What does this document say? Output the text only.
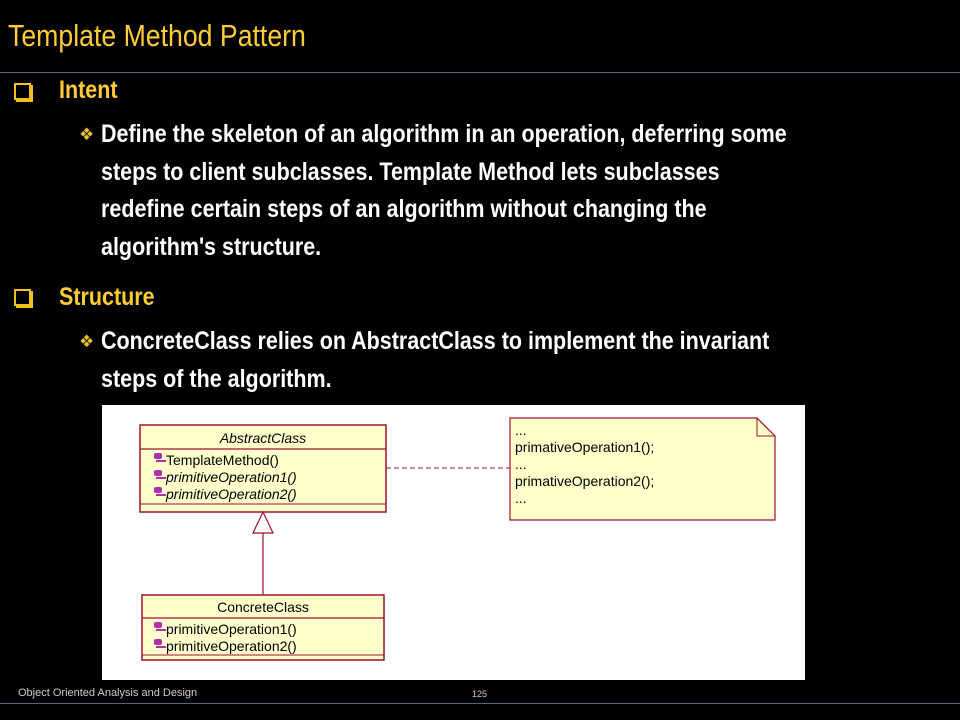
Template Method Pattern
Intent
❖ Define the skeleton of an algorithm in an operation, deferring some
steps to client subclasses. Template Method lets subclasses
redefine certain steps of an algorithm without changing the
algorithm's structure.
Structure
❖ ConcreteClass relies on AbstractClass to implement the invariant
steps of the algorithm.
AbstractClass
TemplateMethod()
primitiveOperation1()
primitiveOperation2()
...
primativeOperation1();
...
primativeOperation2();
...
ConcreteClass
primitiveOperation1()
primitiveOperation2()
Object Oriented Analysis and Design	125
